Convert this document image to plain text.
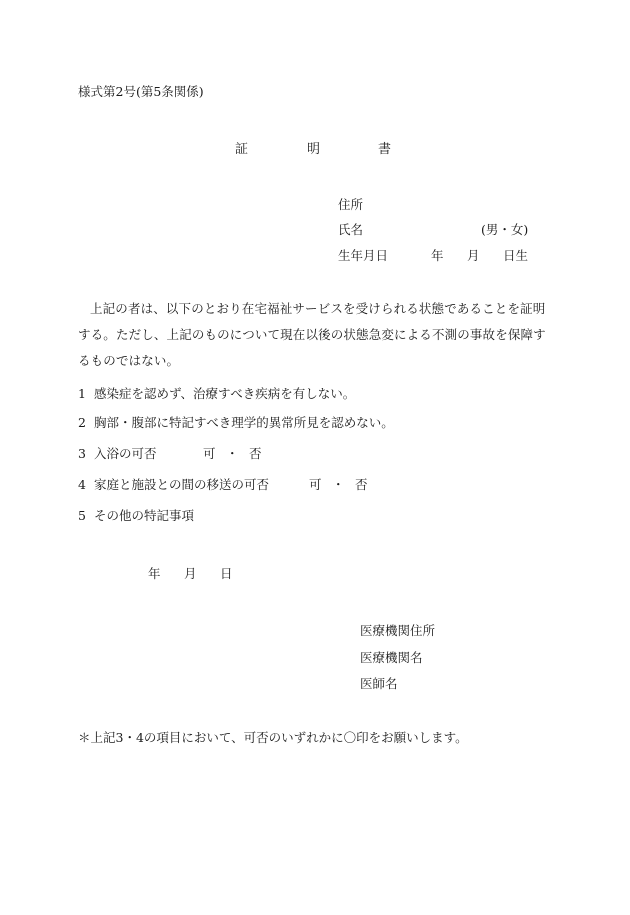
様式第2号(第5条関係)
証	明	書
住所
氏名	(男・女)
生年月日	年 月 日生
上記の者は、以下のとおり在宅福祉サービスを受けられる状態であることを証明する。ただし、上記のものについて現在以後の状態急変による不測の事故を保障するものではない。
1 感染症を認めず、治療すべき疾病を有しない。
2 胸部・腹部に特記すべき理学的異常所見を認めない。
3 入浴の可否	可 ・ 否
4 家庭と施設との間の移送の可否	可 ・ 否
5 その他の特記事項
年 月 日
医療機関住所
医療機関名
医師名
＊上記3・4の項目において、可否のいずれかに〇印をお願いします。
